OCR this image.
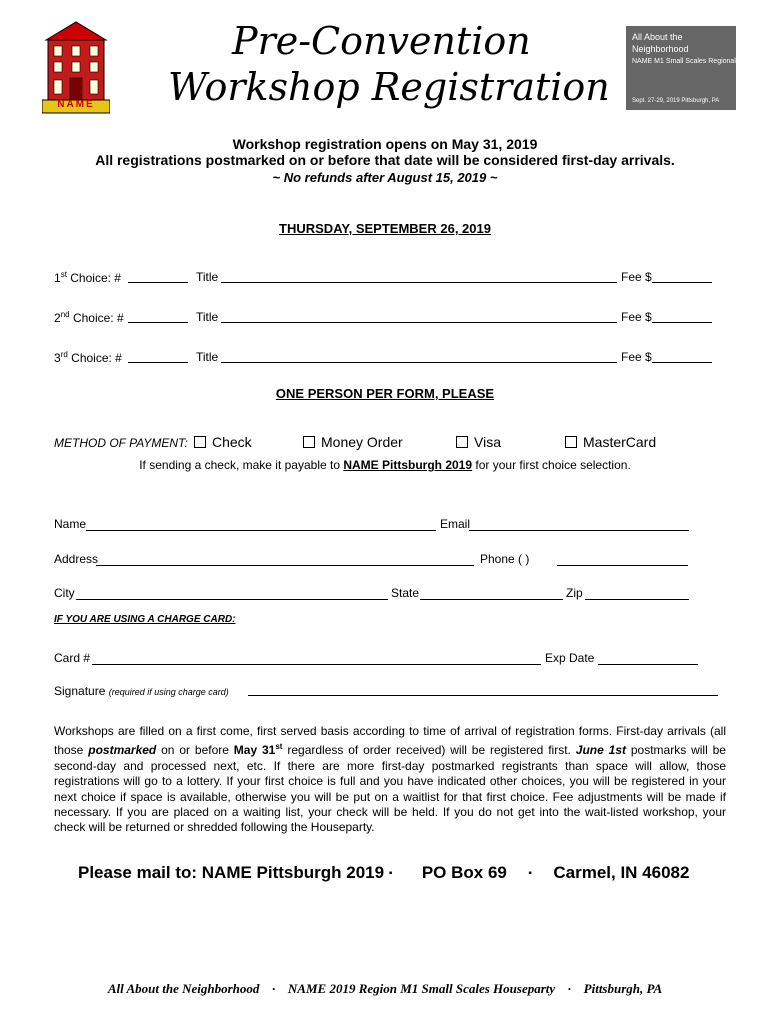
NAME
Pre-Convention
Workshop Registration
All About the
Neighborhood
NAME M1 Small Scales Regional
Sept. 27-29, 2019 Pittsburgh, PA
Workshop registration opens on May 31, 2019
All registrations postmarked on or before that date will be considered first-day arrivals.
~ No refunds after August 15, 2019 ~
THURSDAY, SEPTEMBER 26, 2019
1st Choice: #	Title	Fee $
2nd Choice: #	Title	Fee $
3rd Choice: #	Title	Fee $
ONE PERSON PER FORM, PLEASE
METHOD OF PAYMENT:	Check	Money Order	Visa	MasterCard
If sending a check, make it payable to NAME Pittsburgh 2019 for your first choice selection.
Name	Email
Address	Phone ( )
City	State	Zip
IF YOU ARE USING A CHARGE CARD:
Card #	Exp Date
Signature (required if using charge card)
Workshops are filled on a first come, first served basis according to time of arrival of registration forms. First-day arrivals (all those postmarked on or before May 31st regardless of order received) will be registered first. June 1st postmarks will be second-day and processed next, etc. If there are more first-day postmarked registrants than space will allow, those registrations will go to a lottery. If your first choice is full and you have indicated other choices, you will be registered in your next choice if space is available, otherwise you will be put on a waitlist for that first choice. Fee adjustments will be made if necessary. If you are placed on a waiting list, your check will be held. If you do not get into the wait-listed workshop, your check will be returned or shredded following the Houseparty.
Please mail to: NAME Pittsburgh 2019 ▪ PO Box 69 ▪ Carmel, IN 46082
All About the Neighborhood · NAME 2019 Region M1 Small Scales Houseparty · Pittsburgh, PA
